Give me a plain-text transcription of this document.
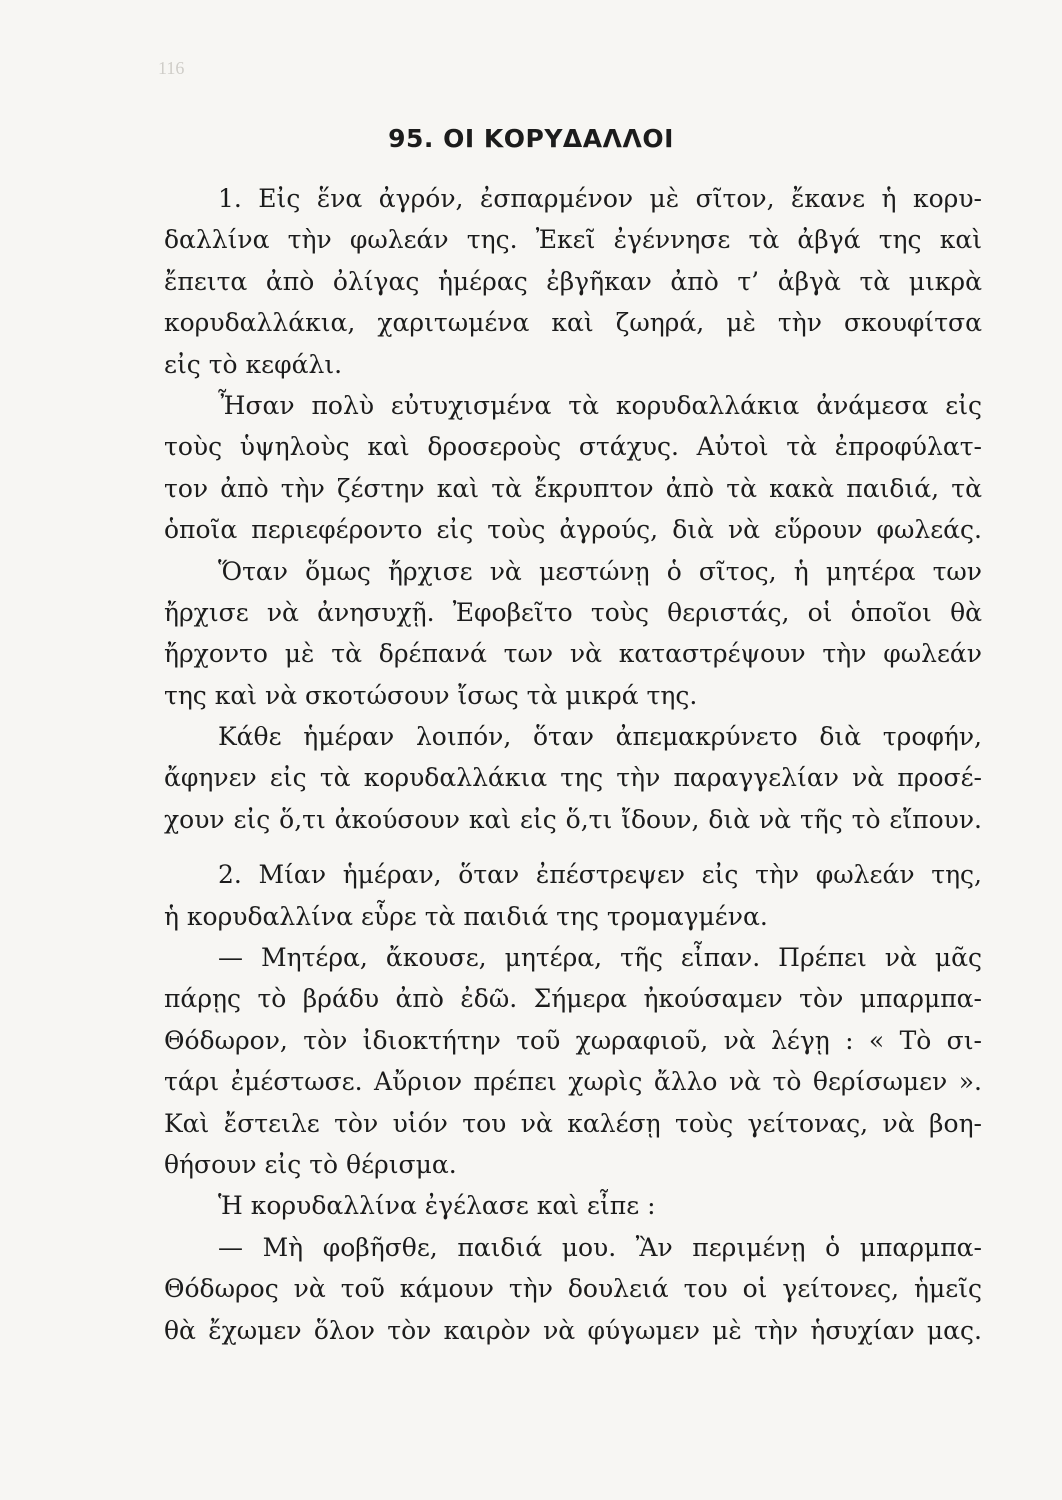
116
95. ΟΙ ΚΟΡΥΔΑΛΛΟΙ
1. Εἰς ἕνα ἀγρόν, ἐσπαρμένον μὲ σῖτον, ἔκανε ἡ κορυ-
δαλλίνα τὴν φωλεάν της. Ἐκεῖ ἐγέννησε τὰ ἀβγά της καὶ
ἔπειτα ἀπὸ ὀλίγας ἡμέρας ἐβγῆκαν ἀπὸ τ’ ἀβγὰ τὰ μικρὰ
κορυδαλλάκια, χαριτωμένα καὶ ζωηρά, μὲ τὴν σκουφίτσα
εἰς τὸ κεφάλι.
Ἦσαν πολὺ εὐτυχισμένα τὰ κορυδαλλάκια ἀνάμεσα εἰς
τοὺς ὑψηλοὺς καὶ δροσεροὺς στάχυς. Αὐτοὶ τὰ ἐπροφύλατ-
τον ἀπὸ τὴν ζέστην καὶ τὰ ἔκρυπτον ἀπὸ τὰ κακὰ παιδιά, τὰ
ὁποῖα περιεφέροντο εἰς τοὺς ἀγρούς, διὰ νὰ εὕρουν φωλεάς.
Ὅταν ὅμως ἤρχισε νὰ μεστώνῃ ὁ σῖτος, ἡ μητέρα των
ἤρχισε νὰ ἀνησυχῇ. Ἐφοβεῖτο τοὺς θεριστάς, οἱ ὁποῖοι θὰ
ἤρχοντο μὲ τὰ δρέπανά των νὰ καταστρέψουν τὴν φωλεάν
της καὶ νὰ σκοτώσουν ἴσως τὰ μικρά της.
Κάθε ἡμέραν λοιπόν, ὅταν ἀπεμακρύνετο διὰ τροφήν,
ἄφηνεν εἰς τὰ κορυδαλλάκια της τὴν παραγγελίαν νὰ προσέ-
χουν εἰς ὅ,τι ἀκούσουν καὶ εἰς ὅ,τι ἴδουν, διὰ νὰ τῆς τὸ εἴπουν.
2. Μίαν ἡμέραν, ὅταν ἐπέστρεψεν εἰς τὴν φωλεάν της,
ἡ κορυδαλλίνα εὗρε τὰ παιδιά της τρομαγμένα.
— Μητέρα, ἄκουσε, μητέρα, τῆς εἶπαν. Πρέπει νὰ μᾶς
πάρῃς τὸ βράδυ ἀπὸ ἐδῶ. Σήμερα ἠκούσαμεν τὸν μπαρμπα-
Θόδωρον, τὸν ἰδιοκτήτην τοῦ χωραφιοῦ, νὰ λέγῃ : « Τὸ σι-
τάρι ἐμέστωσε. Αὔριον πρέπει χωρὶς ἄλλο νὰ τὸ θερίσωμεν ».
Καὶ ἔστειλε τὸν υἱόν του νὰ καλέσῃ τοὺς γείτονας, νὰ βοη-
θήσουν εἰς τὸ θέρισμα.
Ἡ κορυδαλλίνα ἐγέλασε καὶ εἶπε :
— Μὴ φοβῆσθε, παιδιά μου. Ἂν περιμένῃ ὁ μπαρμπα-
Θόδωρος νὰ τοῦ κάμουν τὴν δουλειά του οἱ γείτονες, ἡμεῖς
θὰ ἔχωμεν ὅλον τὸν καιρὸν νὰ φύγωμεν μὲ τὴν ἡσυχίαν μας.
